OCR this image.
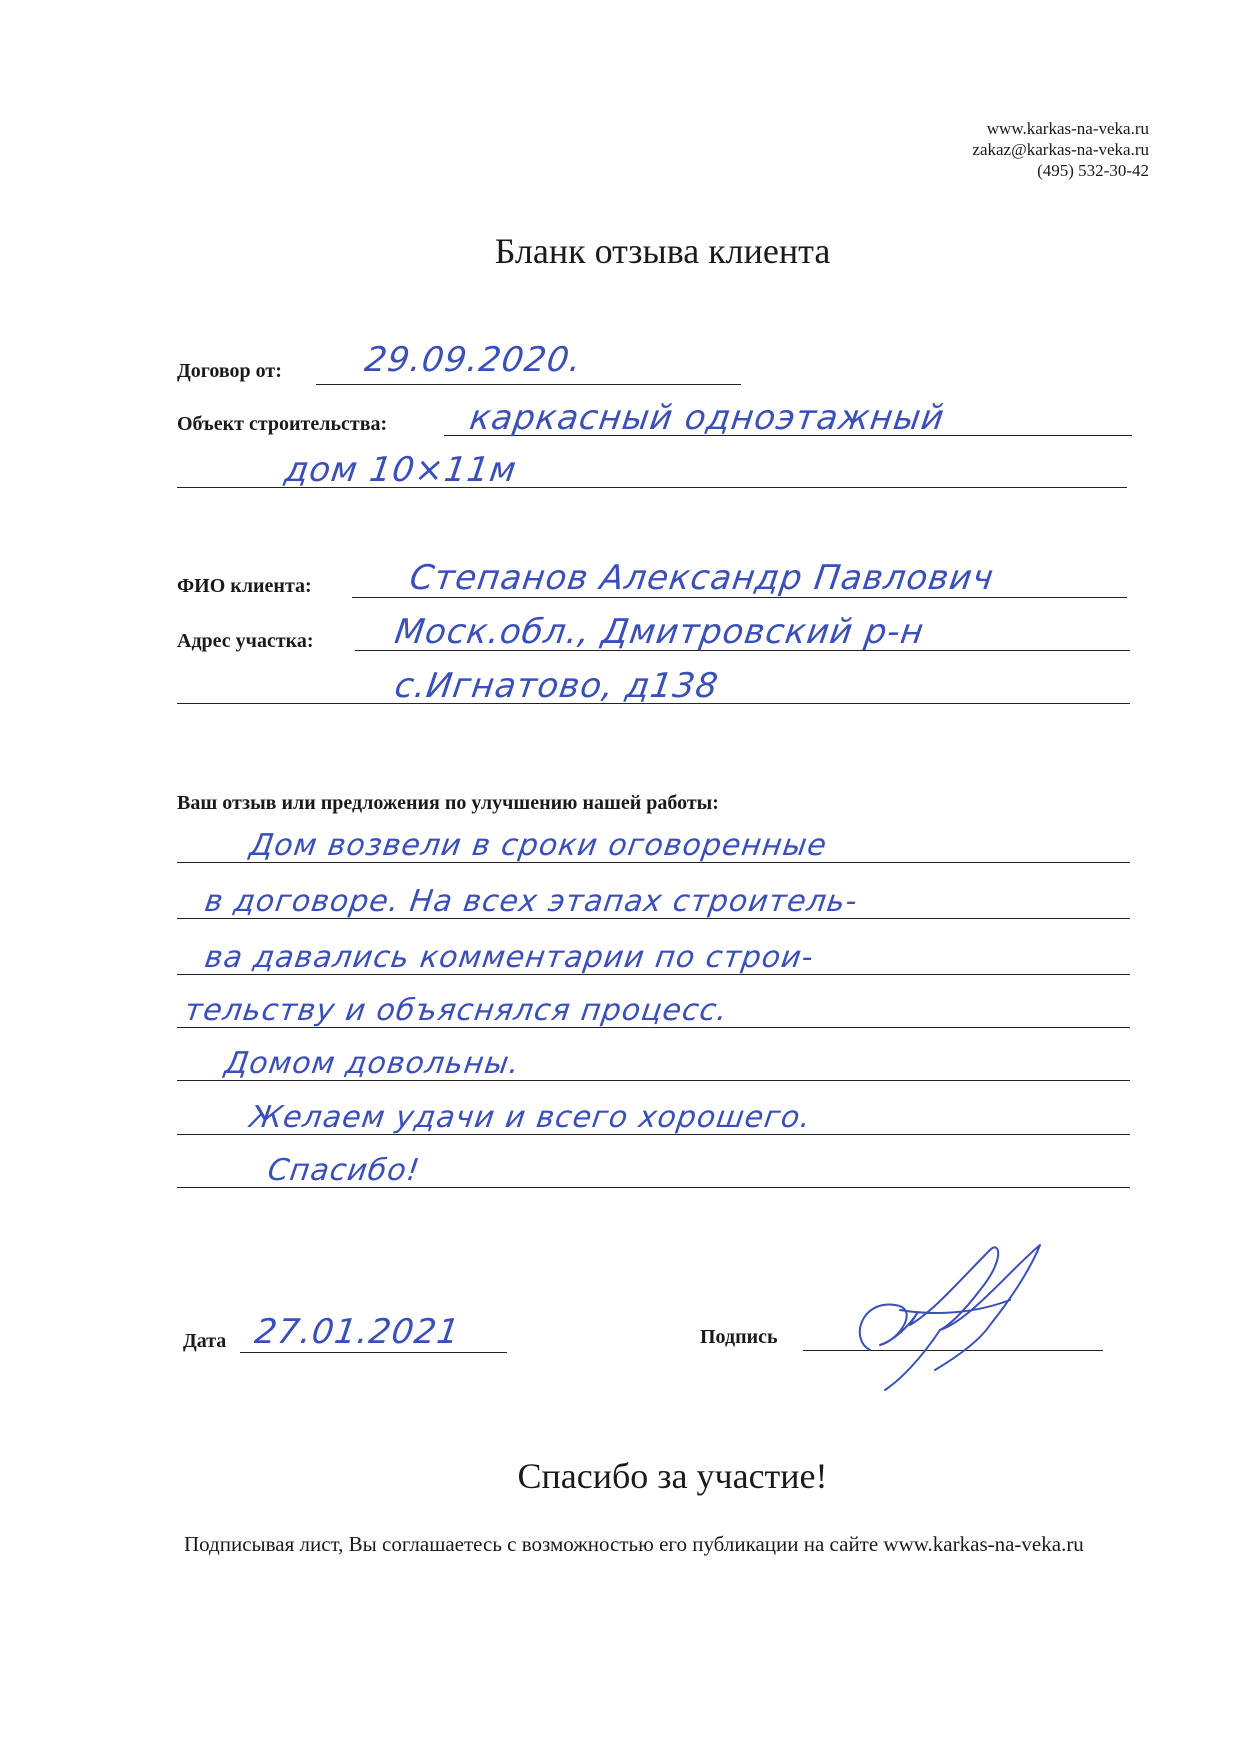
www.karkas-na-veka.ru
zakaz@karkas-na-veka.ru
(495) 532-30-42
Бланк отзыва клиента
Договор от: 29.09.2020.
Объект строительства: каркасный одноэтажный
дом 10×11м
ФИО клиента:	Степанов Александр Павлович
Адрес участка: Моск.обл., Дмитровский р-н
с.Игнатово, д138
Ваш отзыв или предложения по улучшению нашей работы:
Дом возвели в сроки оговоренные
в договоре. На всех этапах строитель-
ва давались комментарии по строи-
тельству и объяснялся процесс.
Домом довольны.
Желаем удачи и всего хорошего.
Спасибо!
Дата 27.01.2021	Подпись
Спасибо за участие!
Подписывая лист, Вы соглашаетесь с возможностью его публикации на сайте www.karkas-na-veka.ru
